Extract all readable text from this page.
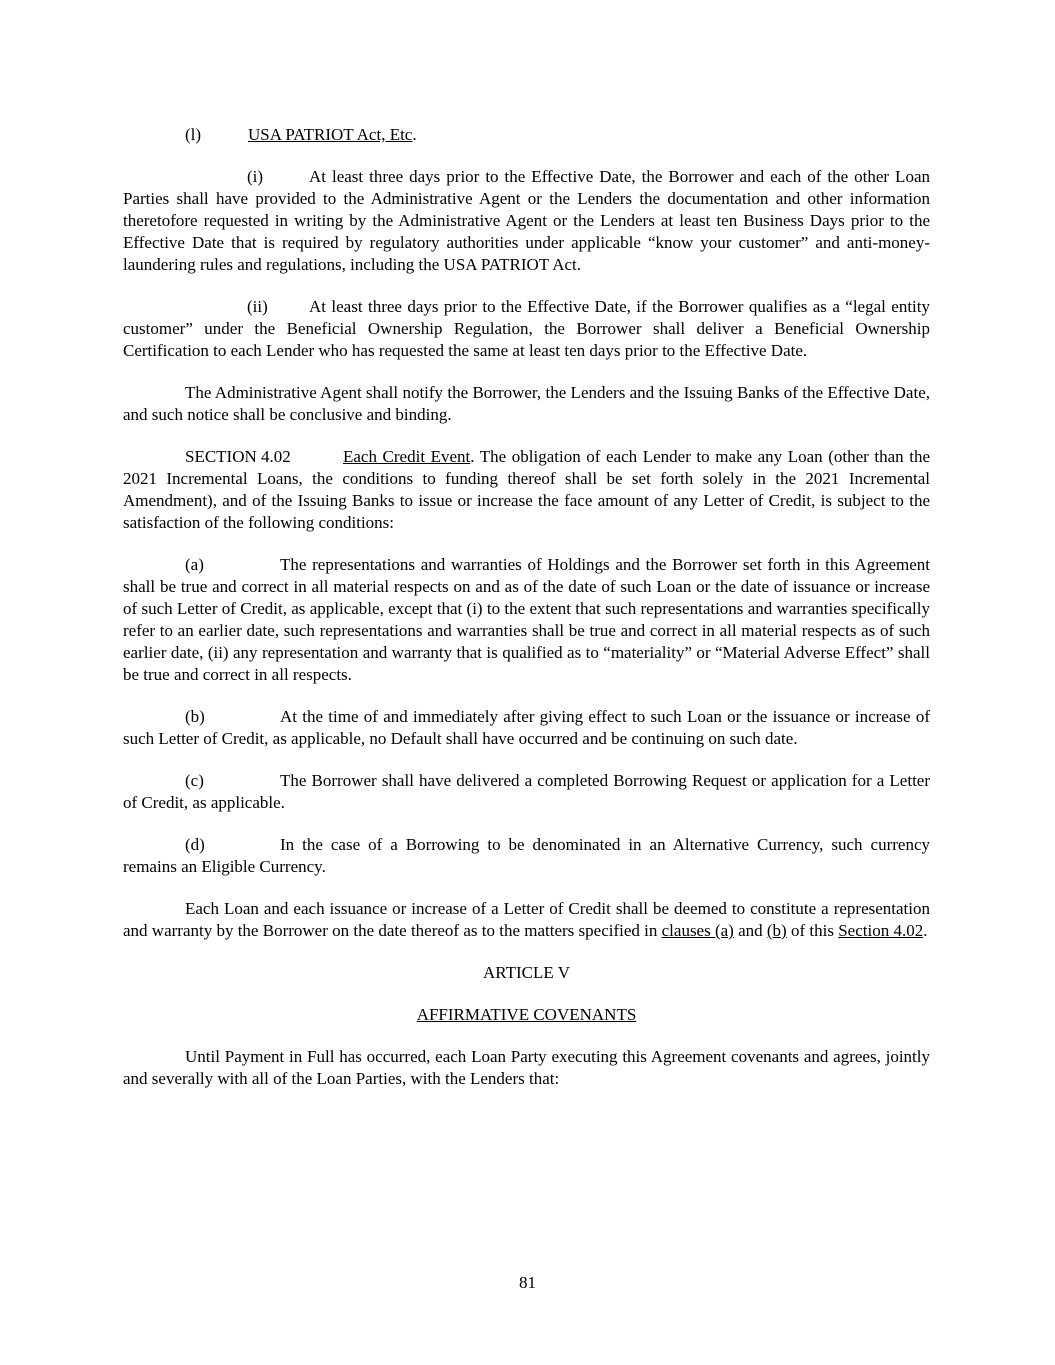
(l)	USA PATRIOT Act, Etc.

(i)	At least three days prior to the Effective Date, the Borrower and each of the other Loan Parties shall have provided to the Administrative Agent or the Lenders the documentation and other information theretofore requested in writing by the Administrative Agent or the Lenders at least ten Business Days prior to the Effective Date that is required by regulatory authorities under applicable “know your customer” and anti-money-laundering rules and regulations, including the USA PATRIOT Act.

(ii) At least three days prior to the Effective Date, if the Borrower qualifies as a “legal entity customer” under the Beneficial Ownership Regulation, the Borrower shall deliver a Beneficial Ownership Certification to each Lender who has requested the same at least ten days prior to the Effective Date.

The Administrative Agent shall notify the Borrower, the Lenders and the Issuing Banks of the Effective Date, and such notice shall be conclusive and binding.

SECTION 4.02	Each Credit Event. The obligation of each Lender to make any Loan (other than the 2021 Incremental Loans, the conditions to funding thereof shall be set forth solely in the 2021 Incremental Amendment), and of the Issuing Banks to issue or increase the face amount of any Letter of Credit, is subject to the satisfaction of the following conditions:

(a)	The representations and warranties of Holdings and the Borrower set forth in this Agreement shall be true and correct in all material respects on and as of the date of such Loan or the date of issuance or increase of such Letter of Credit, as applicable, except that (i) to the extent that such representations and warranties specifically refer to an earlier date, such representations and warranties shall be true and correct in all material respects as of such earlier date, (ii) any representation and warranty that is qualified as to “materiality” or “Material Adverse Effect” shall be true and correct in all respects.

(b)	At the time of and immediately after giving effect to such Loan or the issuance or increase of such Letter of Credit, as applicable, no Default shall have occurred and be continuing on such date.

(c)	The Borrower shall have delivered a completed Borrowing Request or application for a Letter of Credit, as applicable.

(d)	In the case of a Borrowing to be denominated in an Alternative Currency, such currency remains an Eligible Currency.

Each Loan and each issuance or increase of a Letter of Credit shall be deemed to constitute a representation and warranty by the Borrower on the date thereof as to the matters specified in clauses (a) and (b) of this Section 4.02.

ARTICLE V

AFFIRMATIVE COVENANTS

Until Payment in Full has occurred, each Loan Party executing this Agreement covenants and agrees, jointly and severally with all of the Loan Parties, with the Lenders that:

81
